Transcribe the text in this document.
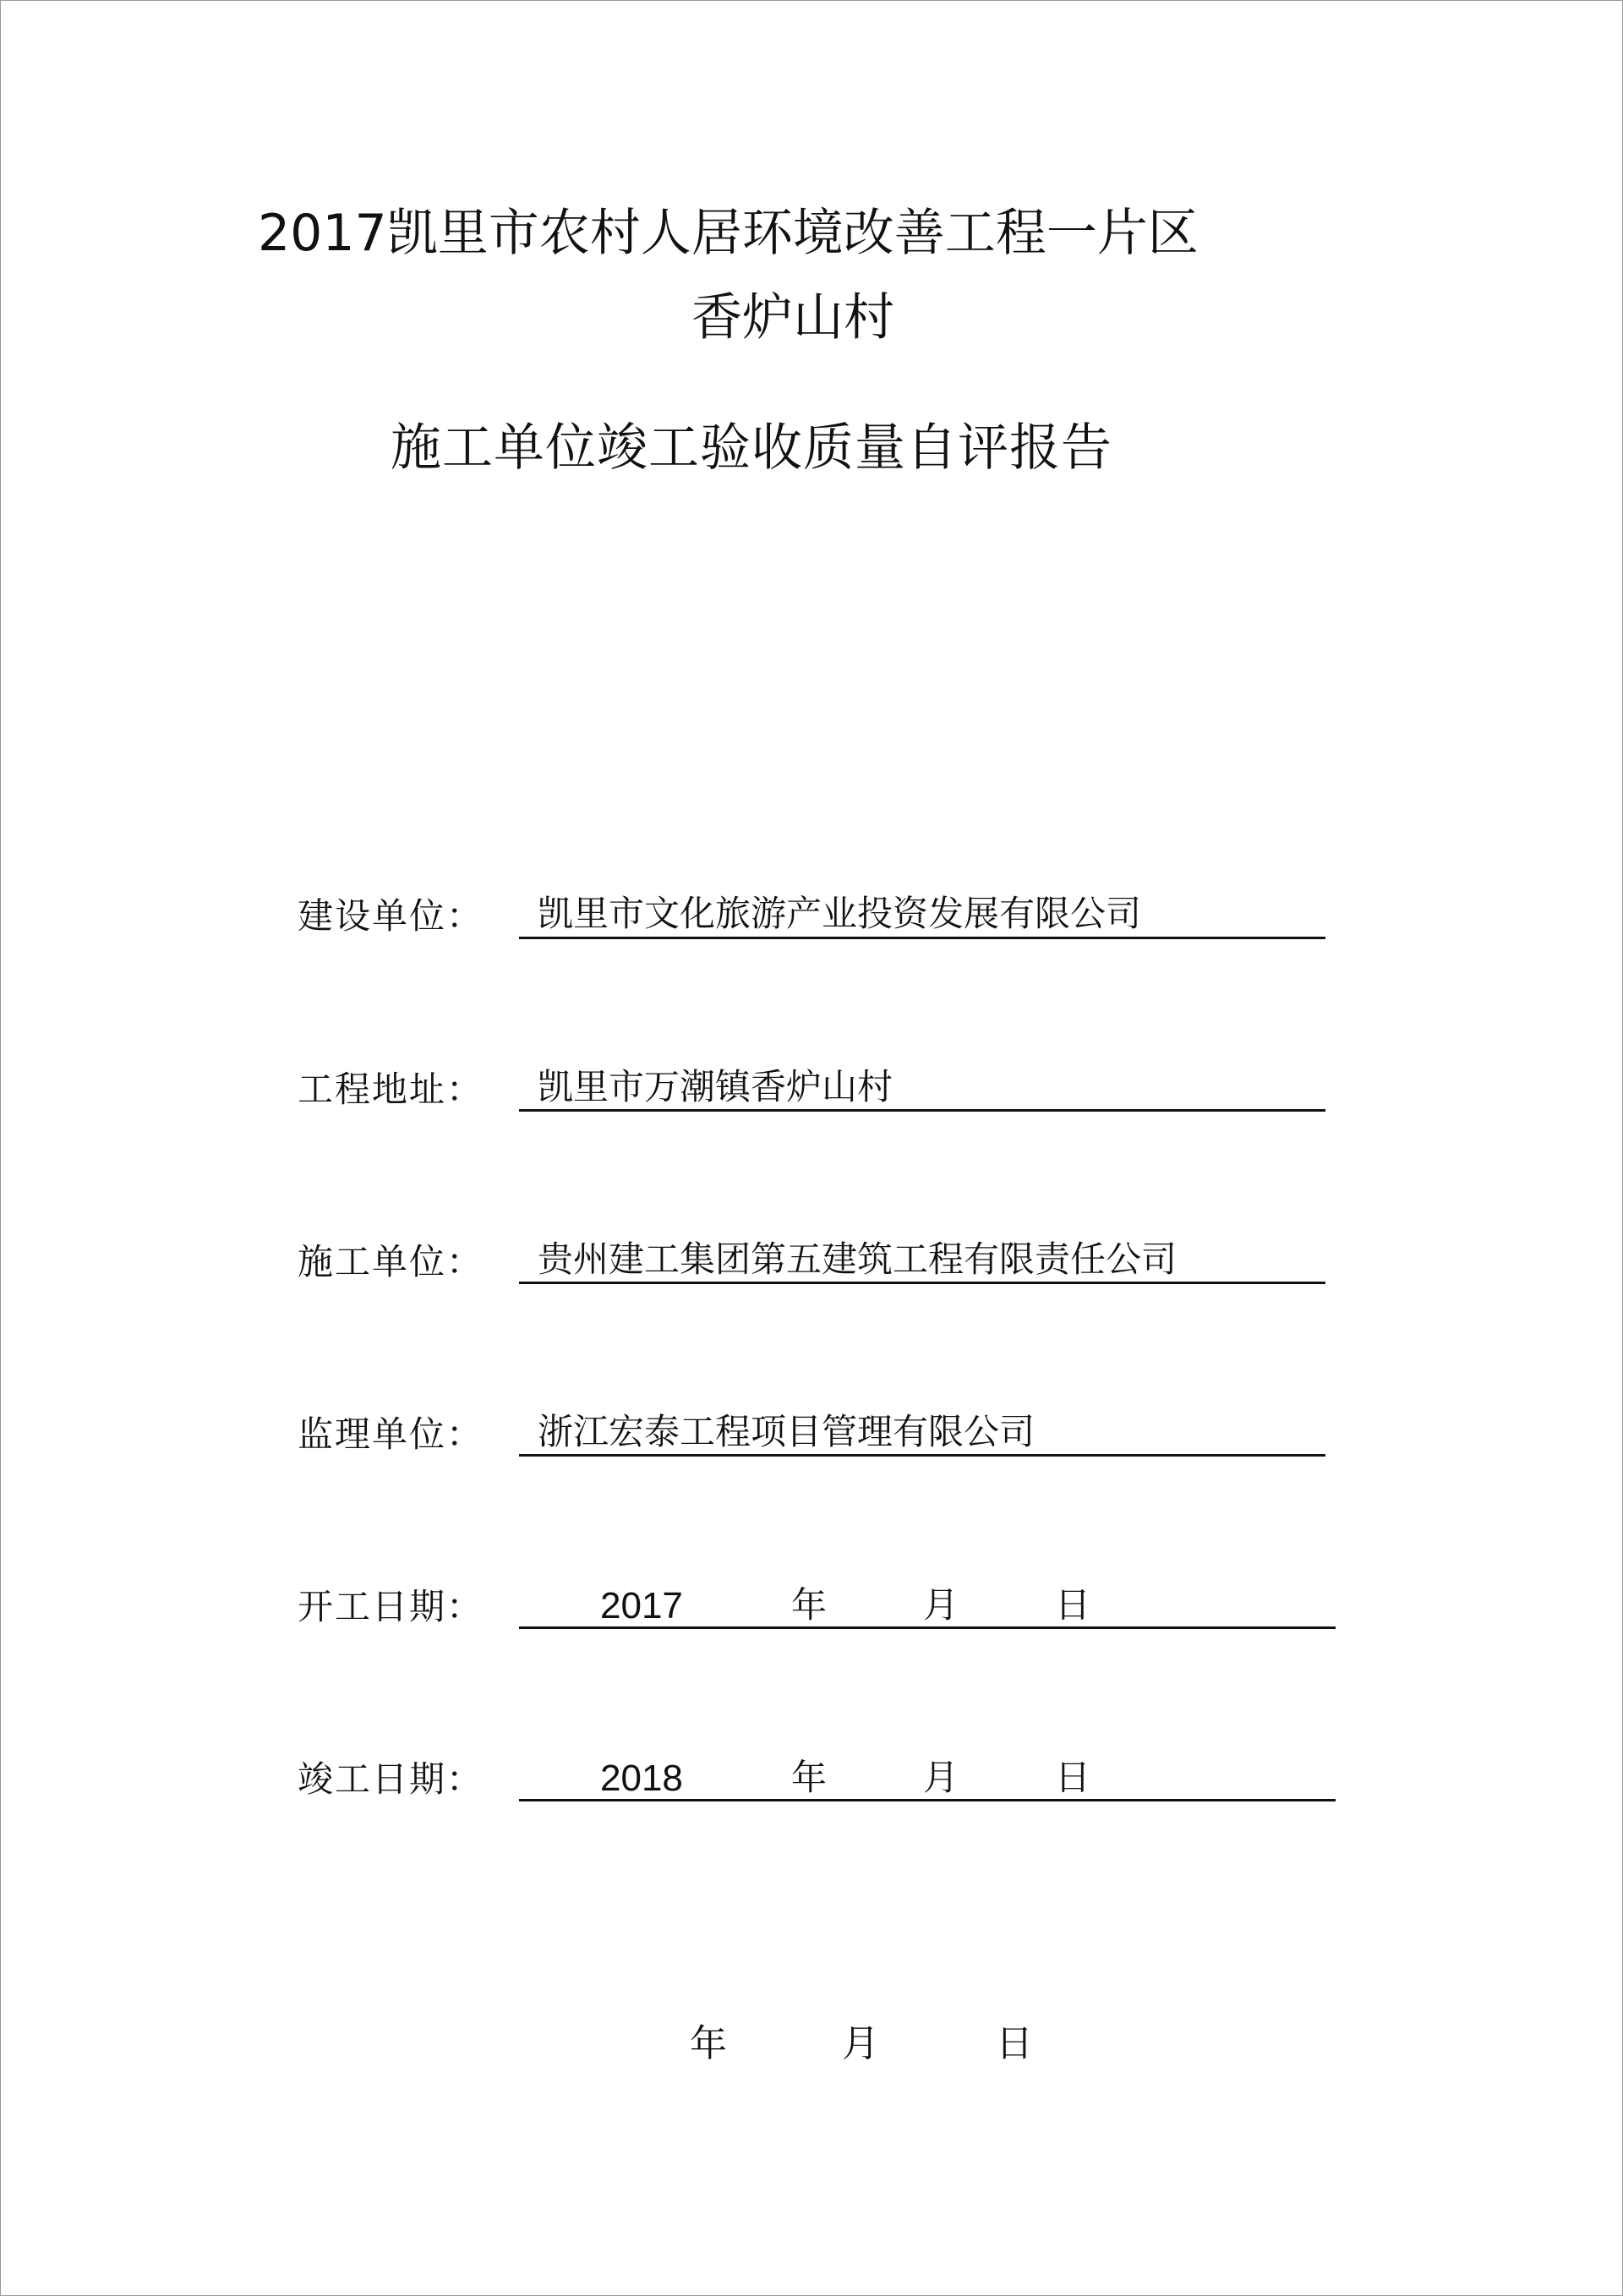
2017凯里市农村人居环境改善工程一片区
香炉山村
施工单位竣工验收质量自评报告
建设单位： 凯里市文化旅游产业投资发展有限公司
工程地址： 凯里市万潮镇香炉山村
施工单位： 贵州建工集团第五建筑工程有限责任公司
监理单位： 浙江宏泰工程项目管理有限公司
开工日期：	2017	年	月	日
竣工日期：	2018	年	月	日
年	月	日
